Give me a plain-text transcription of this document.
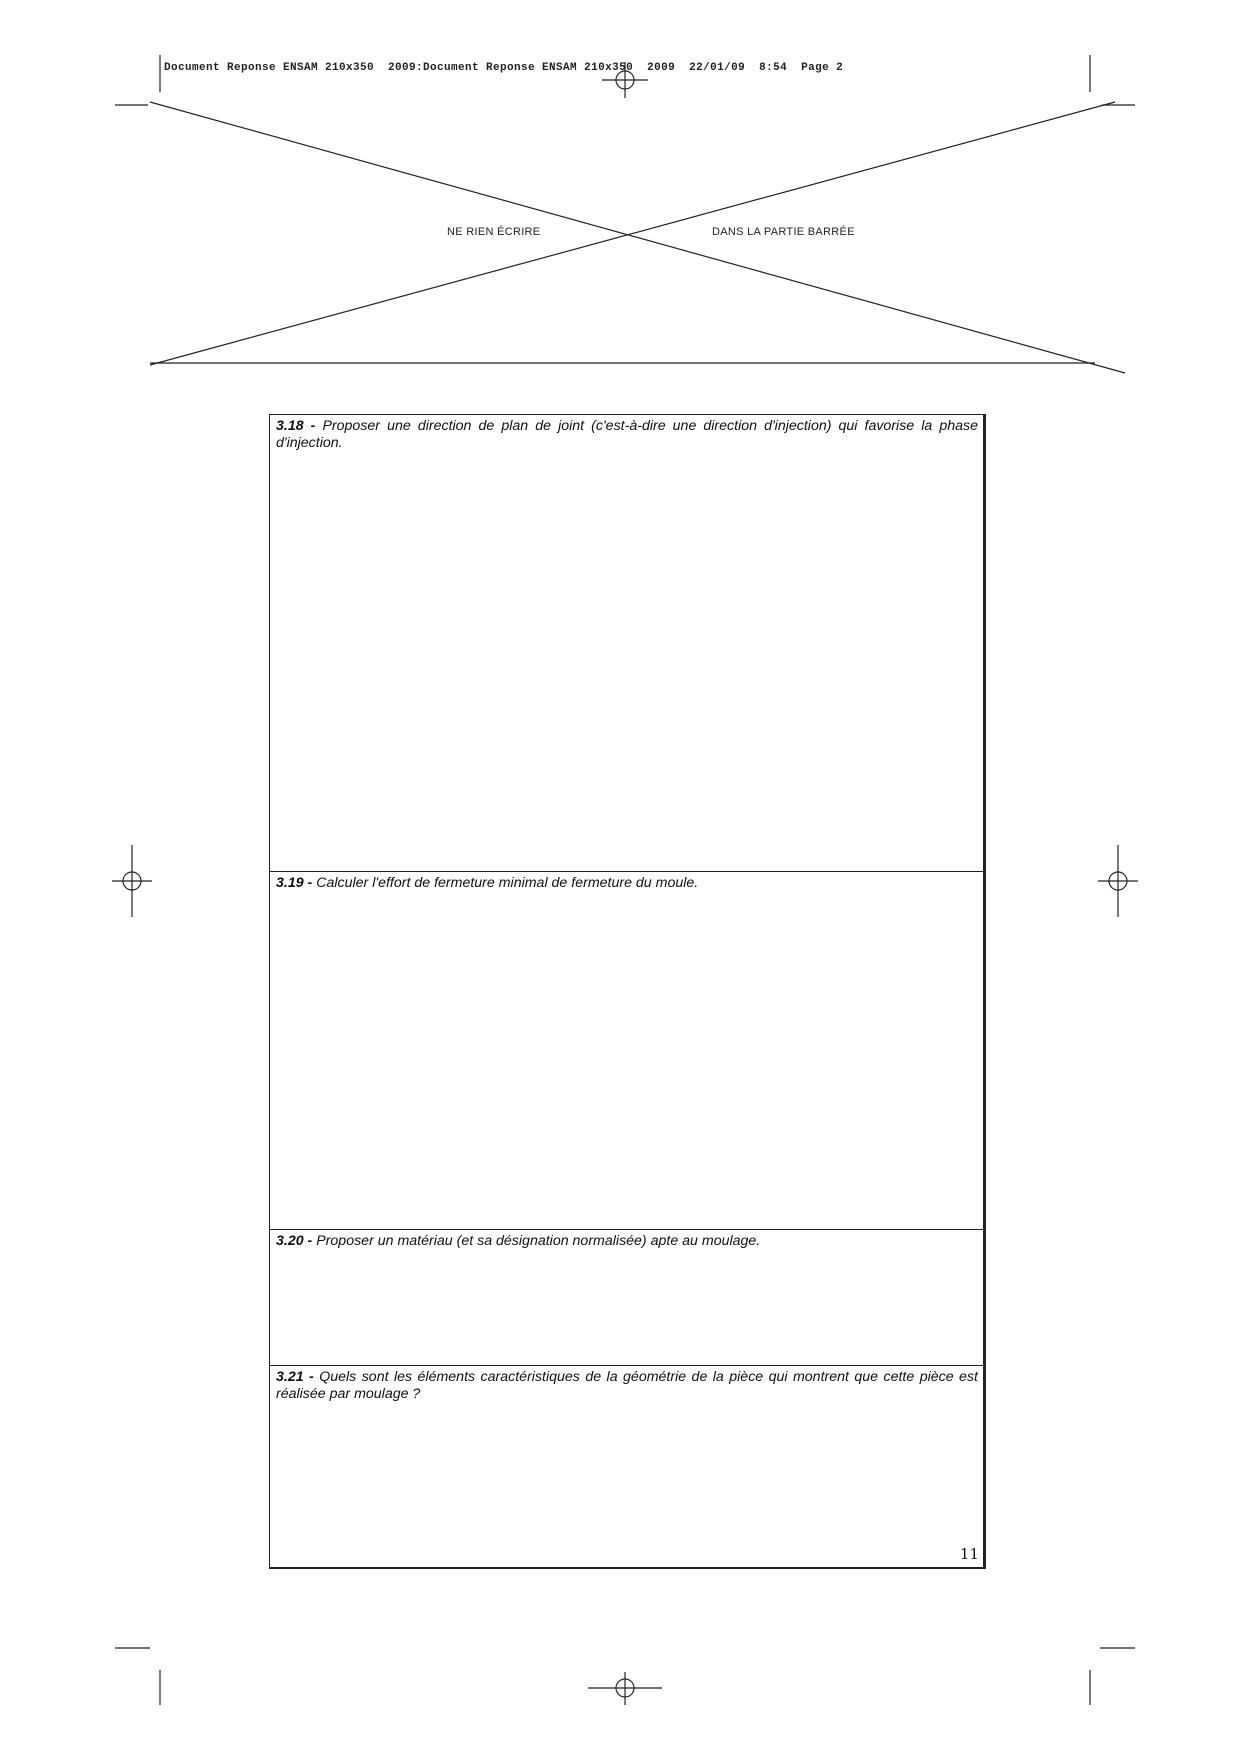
Document Reponse ENSAM 210x350  2009:Document Reponse ENSAM 210x350  2009  22/01/09  8:54  Page 2
NE RIEN ÉCRIRE	DANS LA PARTIE BARRÉE
3.18 - Proposer une direction de plan de joint (c'est-à-dire une direction d'injection) qui favorise la phase d'injection.
3.19 - Calculer l'effort de fermeture minimal de fermeture du moule.
3.20 - Proposer un matériau (et sa désignation normalisée) apte au moulage.
3.21 - Quels sont les éléments caractéristiques de la géométrie de la pièce qui montrent que cette pièce est réalisée par moulage ?
11
